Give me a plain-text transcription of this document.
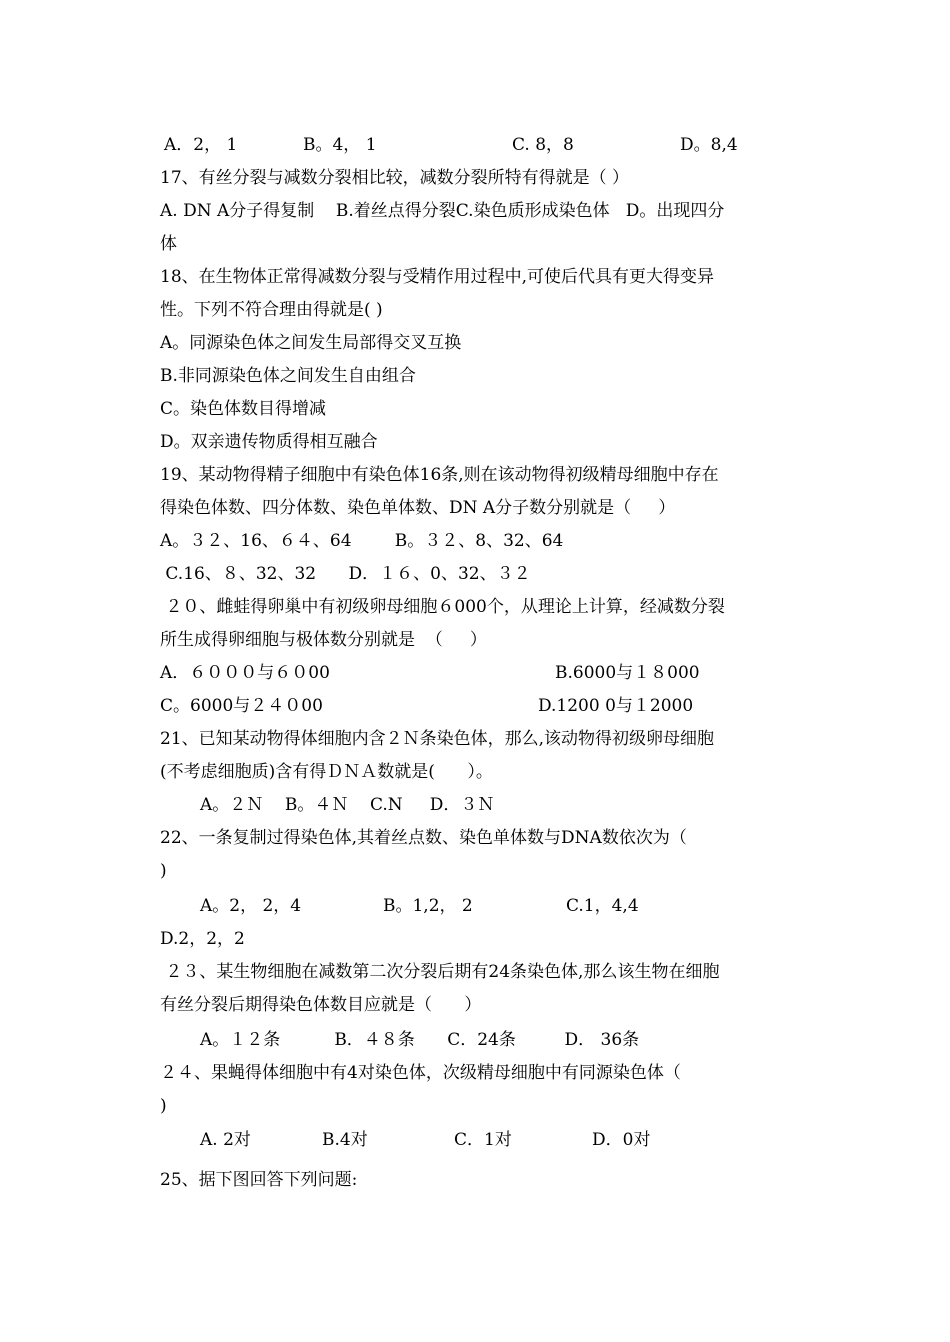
A．2， 1	B。4， 1	C. 8，8	D。8,4
17、有丝分裂与减数分裂相比较，减数分裂所特有得就是（ ）
A. DN A分子得复制    B.着丝点得分裂C.染色质形成染色体   D。出现四分
体
18、在生物体正常得减数分裂与受精作用过程中,可使后代具有更大得变异
性。下列不符合理由得就是( )
A。同源染色体之间发生局部得交叉互换
B.非同源染色体之间发生自由组合
C。染色体数目得增减
D。双亲遗传物质得相互融合
19、某动物得精子细胞中有染色体16条,则在该动物得初级精母细胞中存在
得染色体数、四分体数、染色单体数、DN A分子数分别就是（     ）
A。３２、16、６４、64        B。３２、8、32、64
C.16、８、32、32      D．１６、0、32、３２
２０、雌蛙得卵巢中有初级卵母细胞６000个，从理论上计算，经减数分裂
所生成得卵细胞与极体数分别就是  （     ）
A．６０００与６０00	B.6000与１８000
C。6000与２４０00	D.1200 0与１2000
21、已知某动物得体细胞内含２Ｎ条染色体，那么,该动物得初级卵母细胞
(不考虑细胞质)含有得ＤＮＡ数就是(      ）。
A。２Ｎ    B。４Ｎ    C.N     D．３Ｎ
22、一条复制过得染色体,其着丝点数、染色单体数与DNA数依次为（
)
A。2， 2，4	B。1,2， 2	C.1，4,4
D.2，2，2
２３、某生物细胞在减数第二次分裂后期有24条染色体,那么该生物在细胞
有丝分裂后期得染色体数目应就是（      ）
A。１２条          B．４８条      C．24条         D． 36条
２４、果蝇得体细胞中有4对染色体，次级精母细胞中有同源染色体（
)
A. 2对	B.4对	C．1对	D．0对
25、据下图回答下列问题:
